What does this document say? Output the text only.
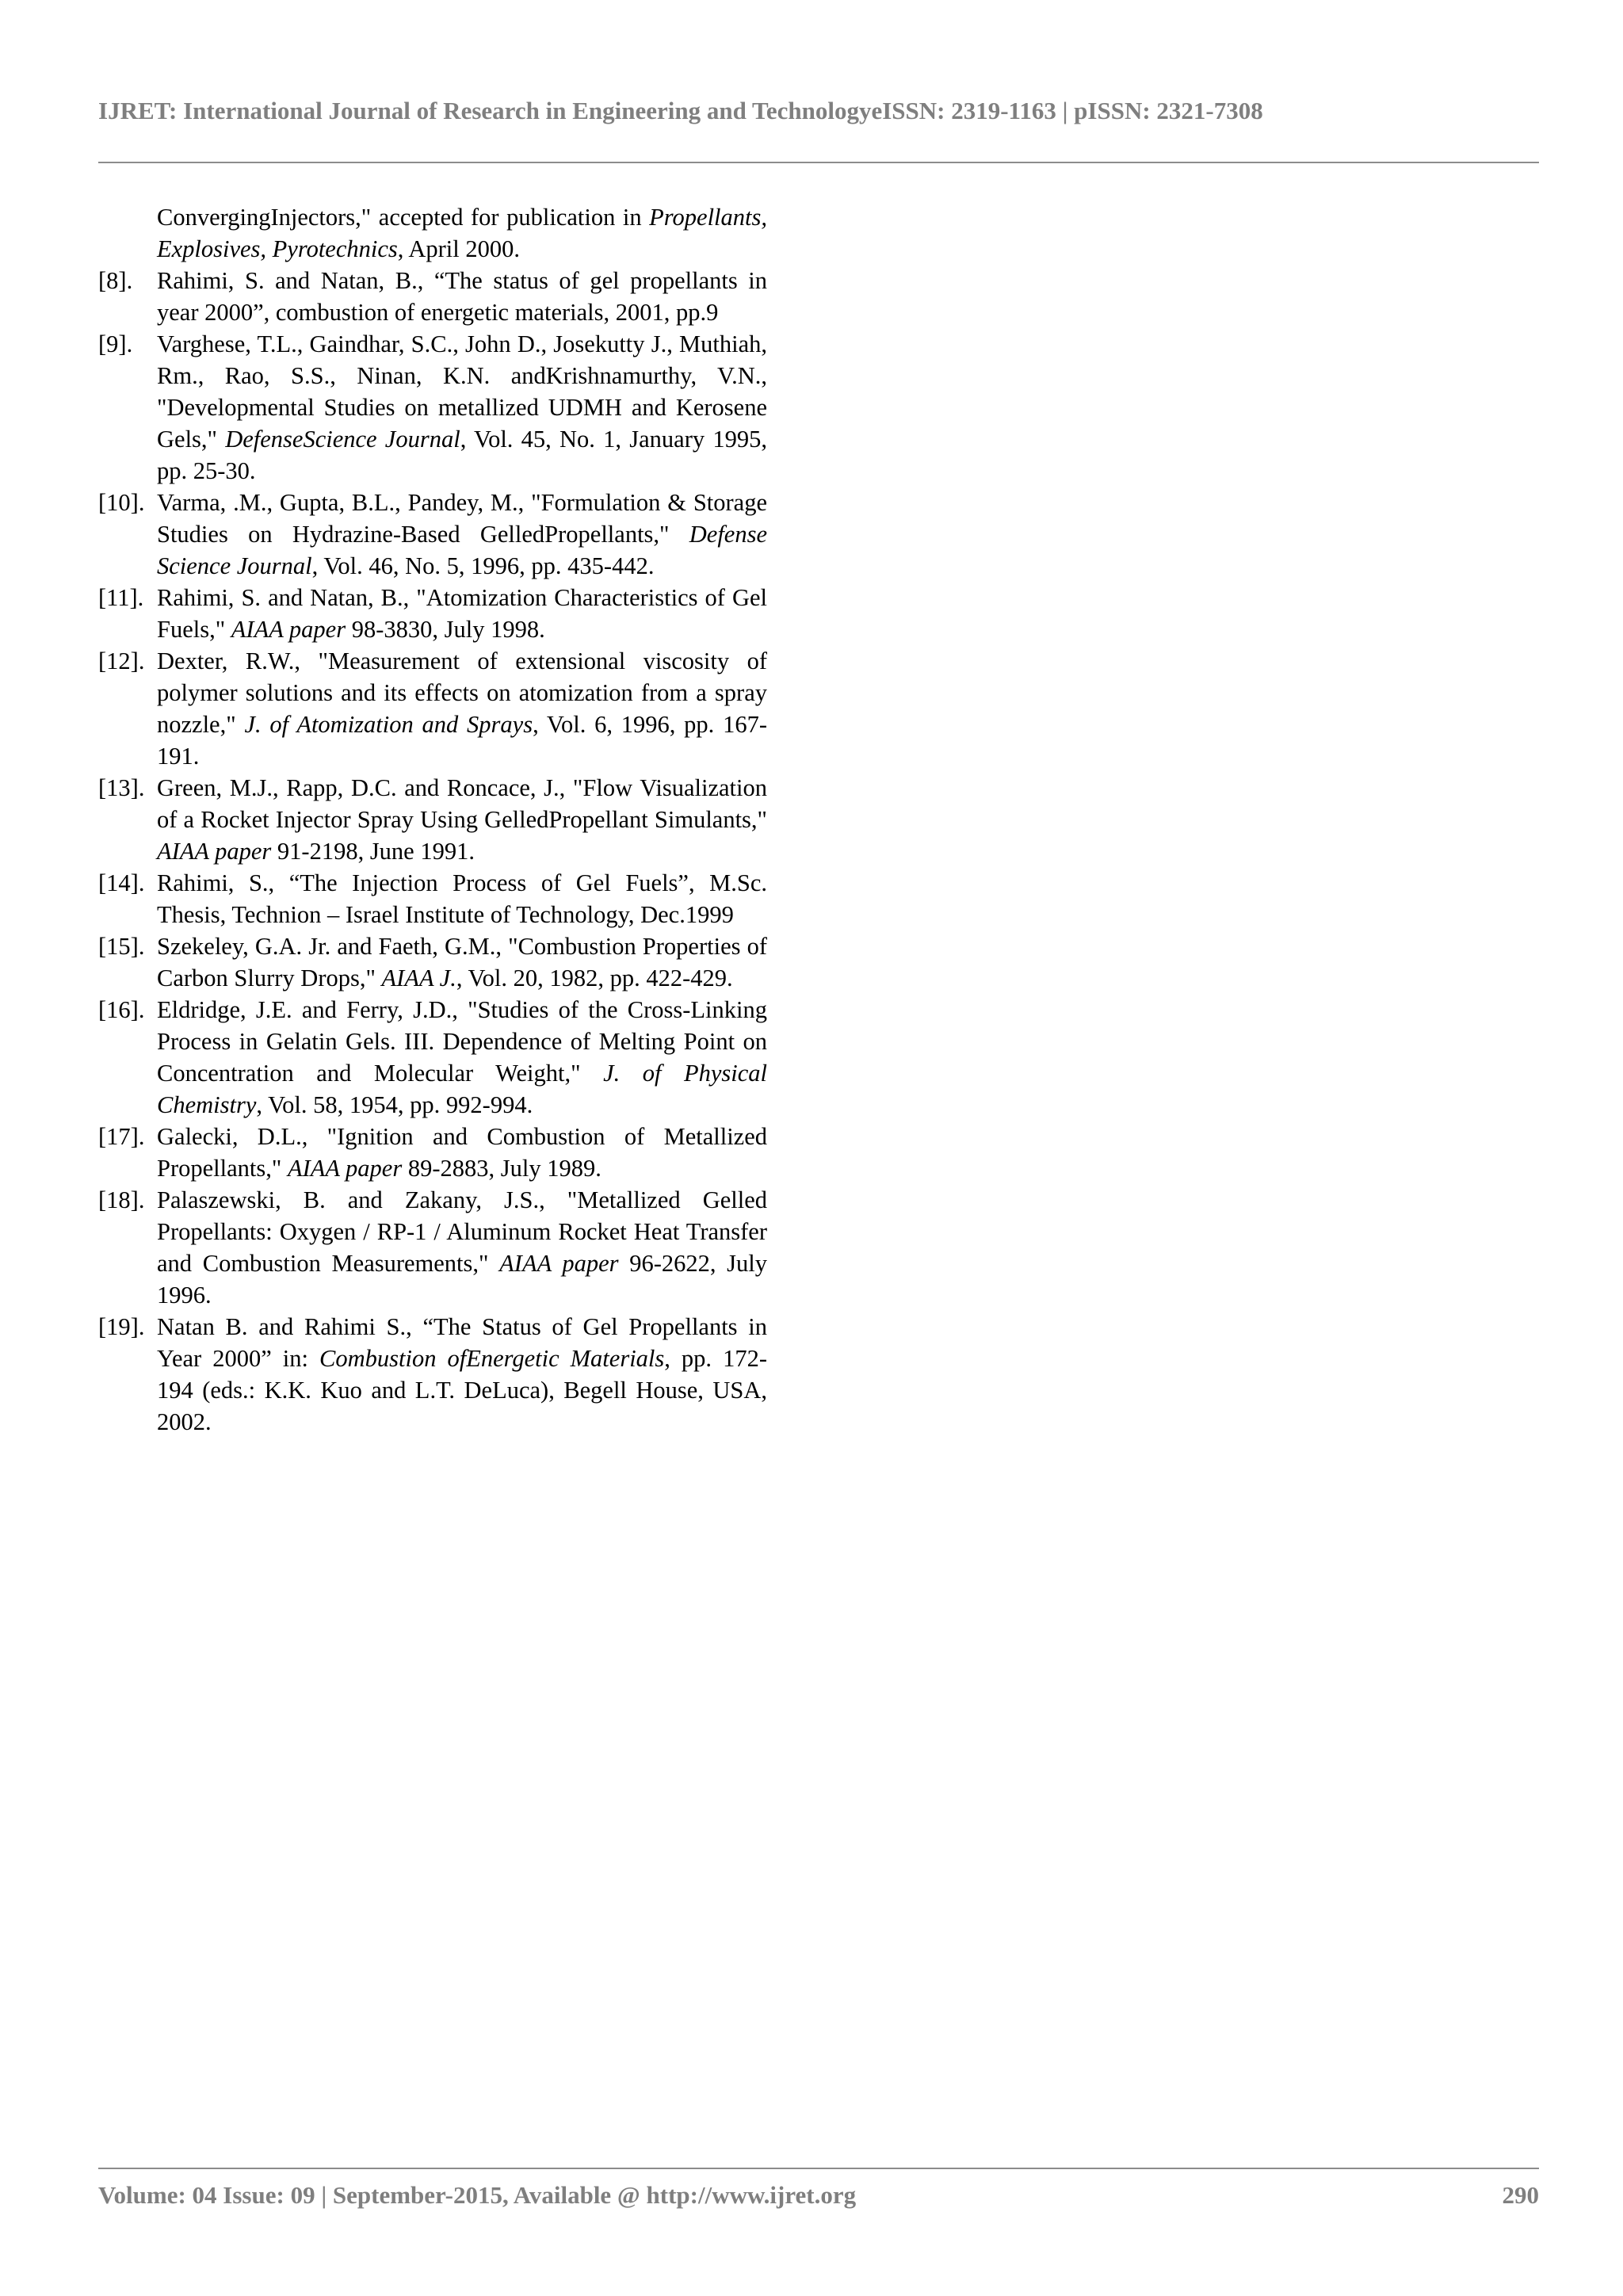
IJRET: International Journal of Research in Engineering and TechnologyeISSN: 2319-1163 | pISSN: 2321-7308
ConvergingInjectors," accepted for publication in Propellants, Explosives, Pyrotechnics, April 2000.
[8].	Rahimi, S. and Natan, B., “The status of gel propellants in year 2000”, combustion of energetic materials, 2001, pp.9
[9].	Varghese, T.L., Gaindhar, S.C., John D., Josekutty J., Muthiah, Rm., Rao, S.S., Ninan, K.N. andKrishnamurthy, V.N., "Developmental Studies on metallized UDMH and Kerosene Gels," DefenseScience Journal, Vol. 45, No. 1, January 1995, pp. 25-30.
[10]. Varma, .M., Gupta, B.L., Pandey, M., "Formulation & Storage Studies on Hydrazine-Based GelledPropellants," Defense Science Journal, Vol. 46, No. 5, 1996, pp. 435-442.
[11]. Rahimi, S. and Natan, B., "Atomization Characteristics of Gel Fuels," AIAA paper 98-3830, July 1998.
[12]. Dexter, R.W., "Measurement of extensional viscosity of polymer solutions and its effects on atomization from a spray nozzle," J. of Atomization and Sprays, Vol. 6, 1996, pp. 167-191.
[13]. Green, M.J., Rapp, D.C. and Roncace, J., "Flow Visualization of a Rocket Injector Spray Using GelledPropellant Simulants," AIAA paper 91-2198, June 1991.
[14]. Rahimi, S., “The Injection Process of Gel Fuels”, M.Sc. Thesis, Technion – Israel Institute of Technology, Dec.1999
[15]. Szekeley, G.A. Jr. and Faeth, G.M., "Combustion Properties of Carbon Slurry Drops," AIAA J., Vol. 20, 1982, pp. 422-429.
[16]. Eldridge, J.E. and Ferry, J.D., "Studies of the Cross-Linking Process in Gelatin Gels. III. Dependence of Melting Point on Concentration and Molecular Weight," J. of Physical Chemistry, Vol. 58, 1954, pp. 992-994.
[17]. Galecki, D.L., "Ignition and Combustion of Metallized Propellants," AIAA paper 89-2883, July 1989.
[18]. Palaszewski, B. and Zakany, J.S., "Metallized Gelled Propellants: Oxygen / RP-1 / Aluminum Rocket Heat Transfer and Combustion Measurements," AIAA paper 96-2622, July 1996.
[19]. Natan B. and Rahimi S., “The Status of Gel Propellants in Year 2000” in: Combustion ofEnergetic Materials, pp. 172-194 (eds.: K.K. Kuo and L.T. DeLuca), Begell House, USA, 2002.
Volume: 04 Issue: 09 | September-2015, Available @ http://www.ijret.org	290
